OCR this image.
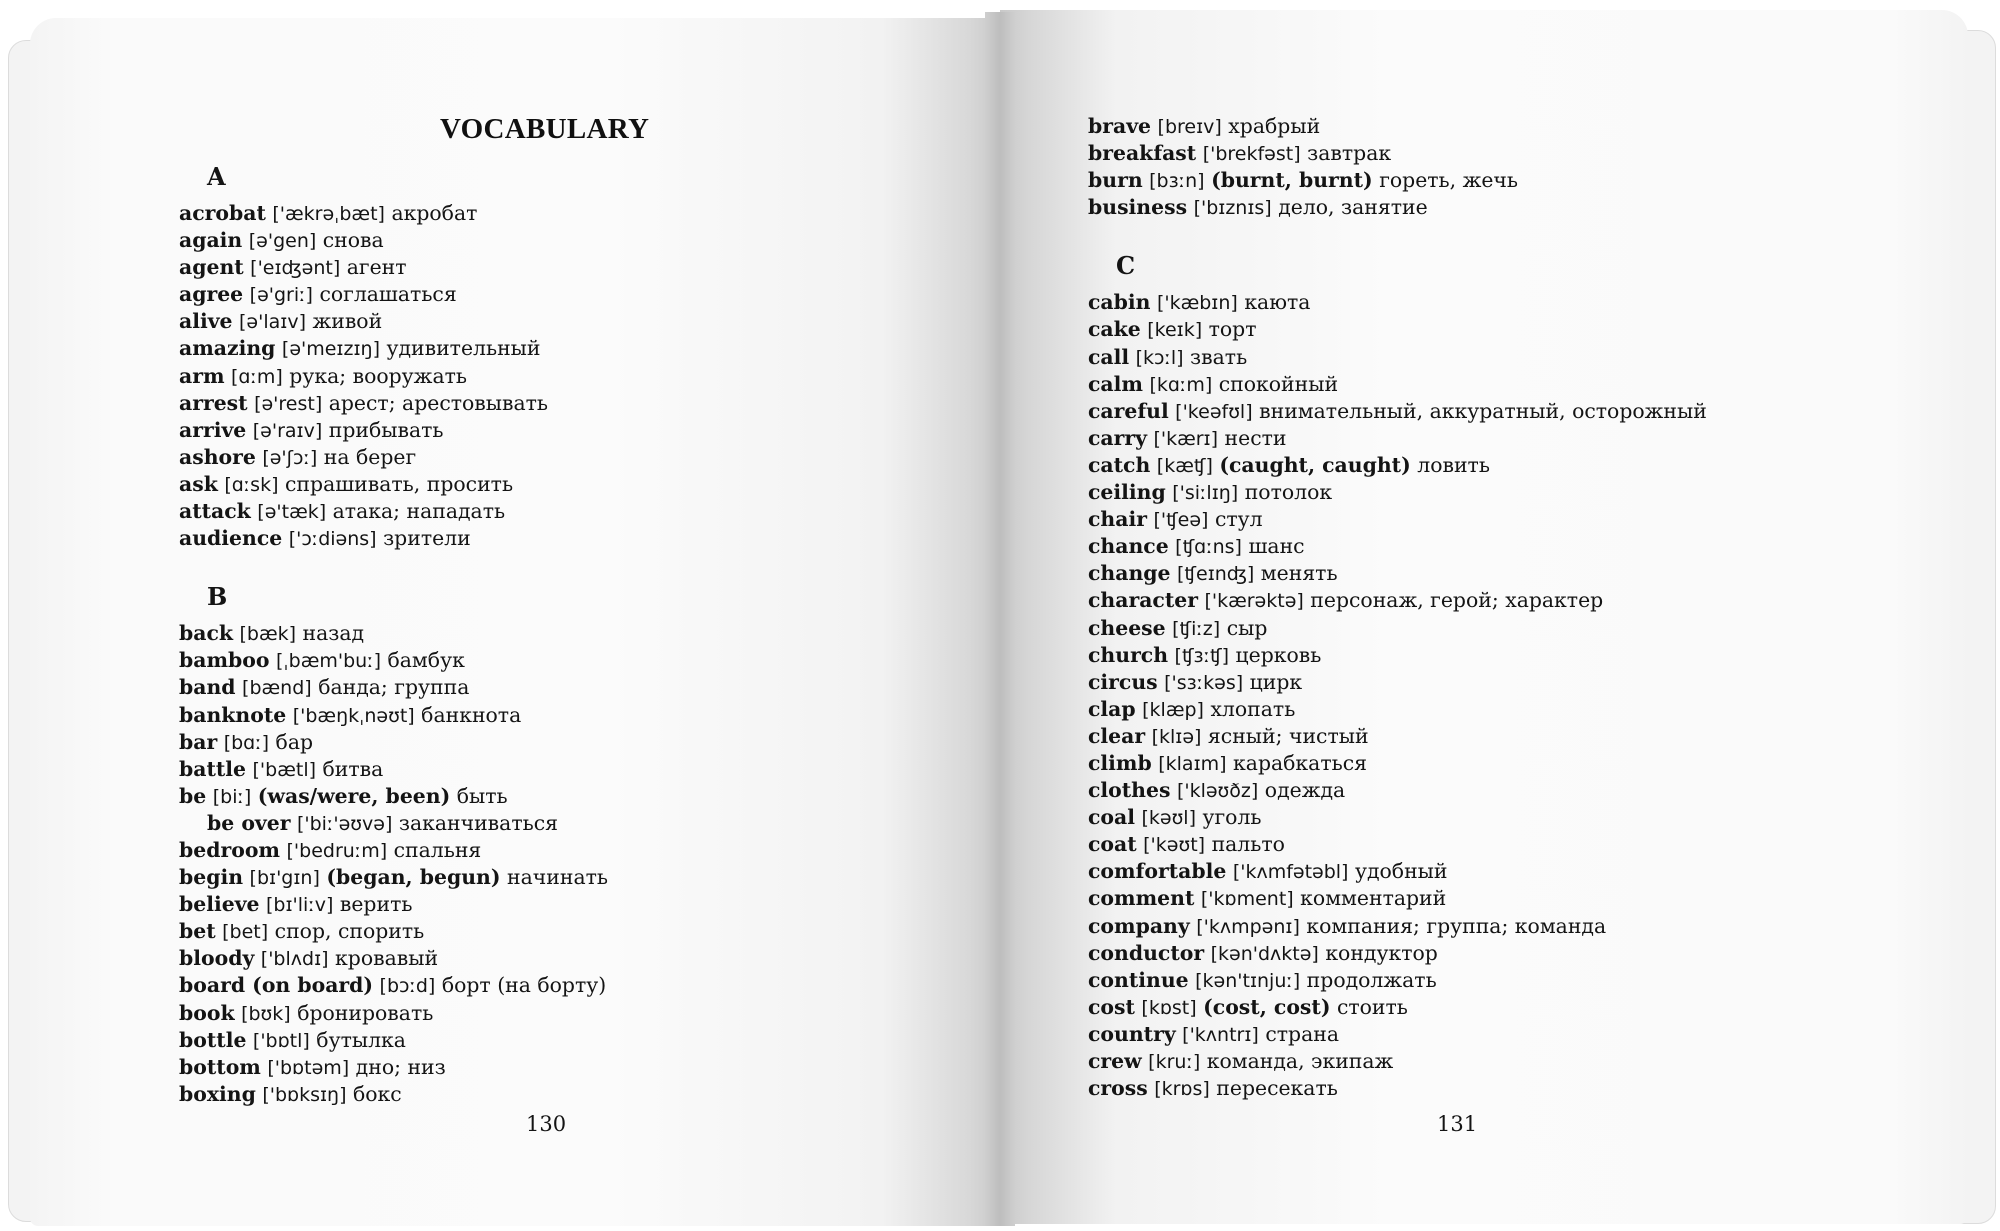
VOCABULARY
A
acrobat ['ækrəˌbæt] акробат
again [ə'gen] снова
agent ['eɪʤənt] агент
agree [ə'griː] соглашаться
alive [ə'laɪv] живой
amazing [ə'meɪzɪŋ] удивительный
arm [ɑːm] рука; вооружать
arrest [ə'rest] арест; арестовывать
arrive [ə'raɪv] прибывать
ashore [ə'ʃɔː] на берег
ask [ɑːsk] спрашивать, просить
attack [ə'tæk] атака; нападать
audience ['ɔːdiəns] зрители
B
back [bæk] назад
bamboo [ˌbæm'buː] бамбук
band [bænd] банда; группа
banknote ['bæŋkˌnəʊt] банкнота
bar [bɑː] бар
battle ['bætl] битва
be [biː] (was/were, been) быть
be over ['biː'əʊvə] заканчиваться
bedroom ['bedruːm] спальня
begin [bɪ'gɪn] (began, begun) начинать
believe [bɪ'liːv] верить
bet [bet] спор, спорить
bloody ['blʌdɪ] кровавый
board (on board) [bɔːd] борт (на борту)
book [bʊk] бронировать
bottle ['bɒtl] бутылка
bottom ['bɒtəm] дно; низ
boxing ['bɒksɪŋ] бокс
brave [breɪv] храбрый
breakfast ['brekfəst] завтрак
burn [bɜːn] (burnt, burnt) гореть, жечь
business ['bɪznɪs] дело, занятие
C
cabin ['kæbɪn] каюта
cake [keɪk] торт
call [kɔːl] звать
calm [kɑːm] спокойный
careful ['keəfʊl] внимательный, аккуратный, осторожный
carry ['kærɪ] нести
catch [kæʧ] (caught, caught) ловить
ceiling ['siːlɪŋ] потолок
chair ['ʧeə] стул
chance [ʧɑːns] шанс
change [ʧeɪnʤ] менять
character ['kærəktə] персонаж, герой; характер
cheese [ʧiːz] сыр
church [ʧɜːʧ] церковь
circus ['sɜːkəs] цирк
clap [klæp] хлопать
clear [klɪə] ясный; чистый
climb [klaɪm] карабкаться
clothes ['kləʊðz] одежда
coal [kəʊl] уголь
coat ['kəʊt] пальто
comfortable ['kʌmfətəbl] удобный
comment ['kɒment] комментарий
company ['kʌmpənɪ] компания; группа; команда
conductor [kən'dʌktə] кондуктор
continue [kən'tɪnjuː] продолжать
cost [kɒst] (cost, cost) стоить
country ['kʌntrɪ] страна
crew [kruː] команда, экипаж
cross [krɒs] пересекать
130	131
